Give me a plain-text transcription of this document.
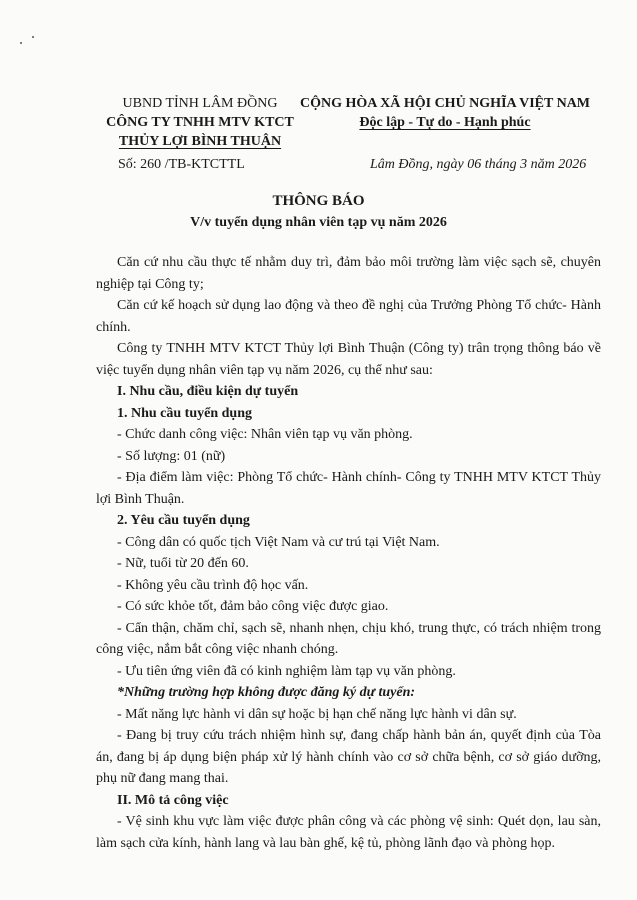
UBND TỈNH LÂM ĐỒNG
CÔNG TY TNHH MTV KTCT
THỦY LỢI BÌNH THUẬN
CỘNG HÒA XÃ HỘI CHỦ NGHĨA VIỆT NAM
Độc lập - Tự do - Hạnh phúc
Số: 260 /TB-KTCTTL	Lâm Đồng, ngày 06 tháng 3 năm 2026
THÔNG BÁO
V/v tuyển dụng nhân viên tạp vụ năm 2026

Căn cứ nhu cầu thực tế nhằm duy trì, đảm bảo môi trường làm việc sạch sẽ, chuyên nghiệp tại Công ty;

Căn cứ kế hoạch sử dụng lao động và theo đề nghị của Trưởng Phòng Tổ chức- Hành chính.

Công ty TNHH MTV KTCT Thủy lợi Bình Thuận (Công ty) trân trọng thông báo về việc tuyển dụng nhân viên tạp vụ năm 2026, cụ thể như sau:

I. Nhu cầu, điều kiện dự tuyển

1. Nhu cầu tuyển dụng

- Chức danh công việc: Nhân viên tạp vụ văn phòng.

- Số lượng: 01 (nữ)

- Địa điểm làm việc: Phòng Tổ chức- Hành chính- Công ty TNHH MTV KTCT Thủy lợi Bình Thuận.

2. Yêu cầu tuyển dụng

- Công dân có quốc tịch Việt Nam và cư trú tại Việt Nam.

- Nữ, tuổi từ 20 đến 60.

- Không yêu cầu trình độ học vấn.

- Có sức khỏe tốt, đảm bảo công việc được giao.

- Cẩn thận, chăm chỉ, sạch sẽ, nhanh nhẹn, chịu khó, trung thực, có trách nhiệm trong công việc, nắm bắt công việc nhanh chóng.

- Ưu tiên ứng viên đã có kinh nghiệm làm tạp vụ văn phòng.

*Những trường hợp không được đăng ký dự tuyển:

- Mất năng lực hành vi dân sự hoặc bị hạn chế năng lực hành vi dân sự.

- Đang bị truy cứu trách nhiệm hình sự, đang chấp hành bản án, quyết định của Tòa án, đang bị áp dụng biện pháp xử lý hành chính vào cơ sở chữa bệnh, cơ sở giáo dưỡng, phụ nữ đang mang thai.

II. Mô tả công việc

- Vệ sinh khu vực làm việc được phân công và các phòng vệ sinh: Quét dọn, lau sàn, làm sạch cửa kính, hành lang và lau bàn ghế, kệ tủ, phòng lãnh đạo và phòng họp.
